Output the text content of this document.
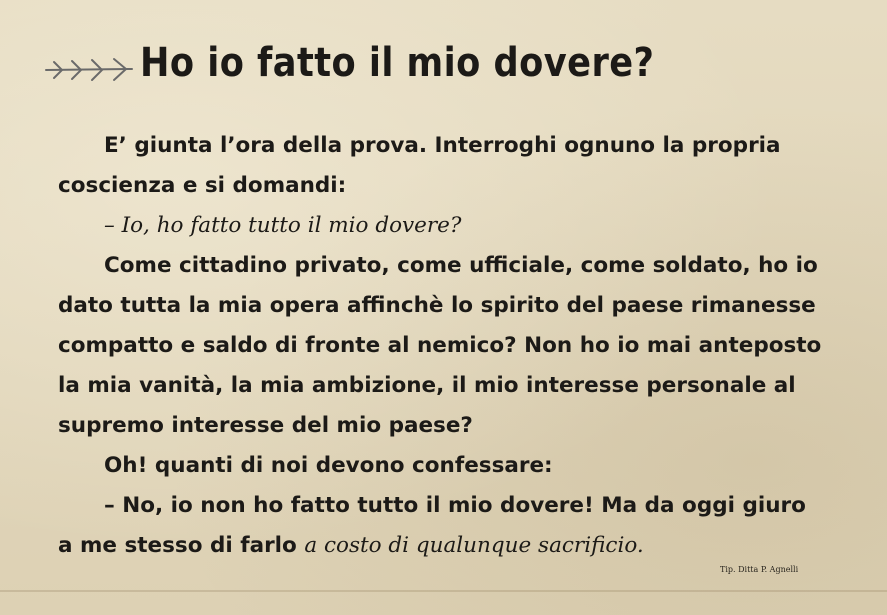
Ho io fatto il mio dovere?
E’ giunta l’ora della prova. Interroghi ognuno la propria
coscienza e si domandi:
– Io, ho fatto tutto il mio dovere?
Come cittadino privato, come ufficiale, come soldato, ho io
dato tutta la mia opera affinchè lo spirito del paese rimanesse
compatto e saldo di fronte al nemico? Non ho io mai anteposto
la mia vanità, la mia ambizione, il mio interesse personale al
supremo interesse del mio paese?
Oh! quanti di noi devono confessare:
– No, io non ho fatto tutto il mio dovere! Ma da oggi giuro
a me stesso di farlo a costo di qualunque sacrificio.
Tip. Ditta P. Agnelli
